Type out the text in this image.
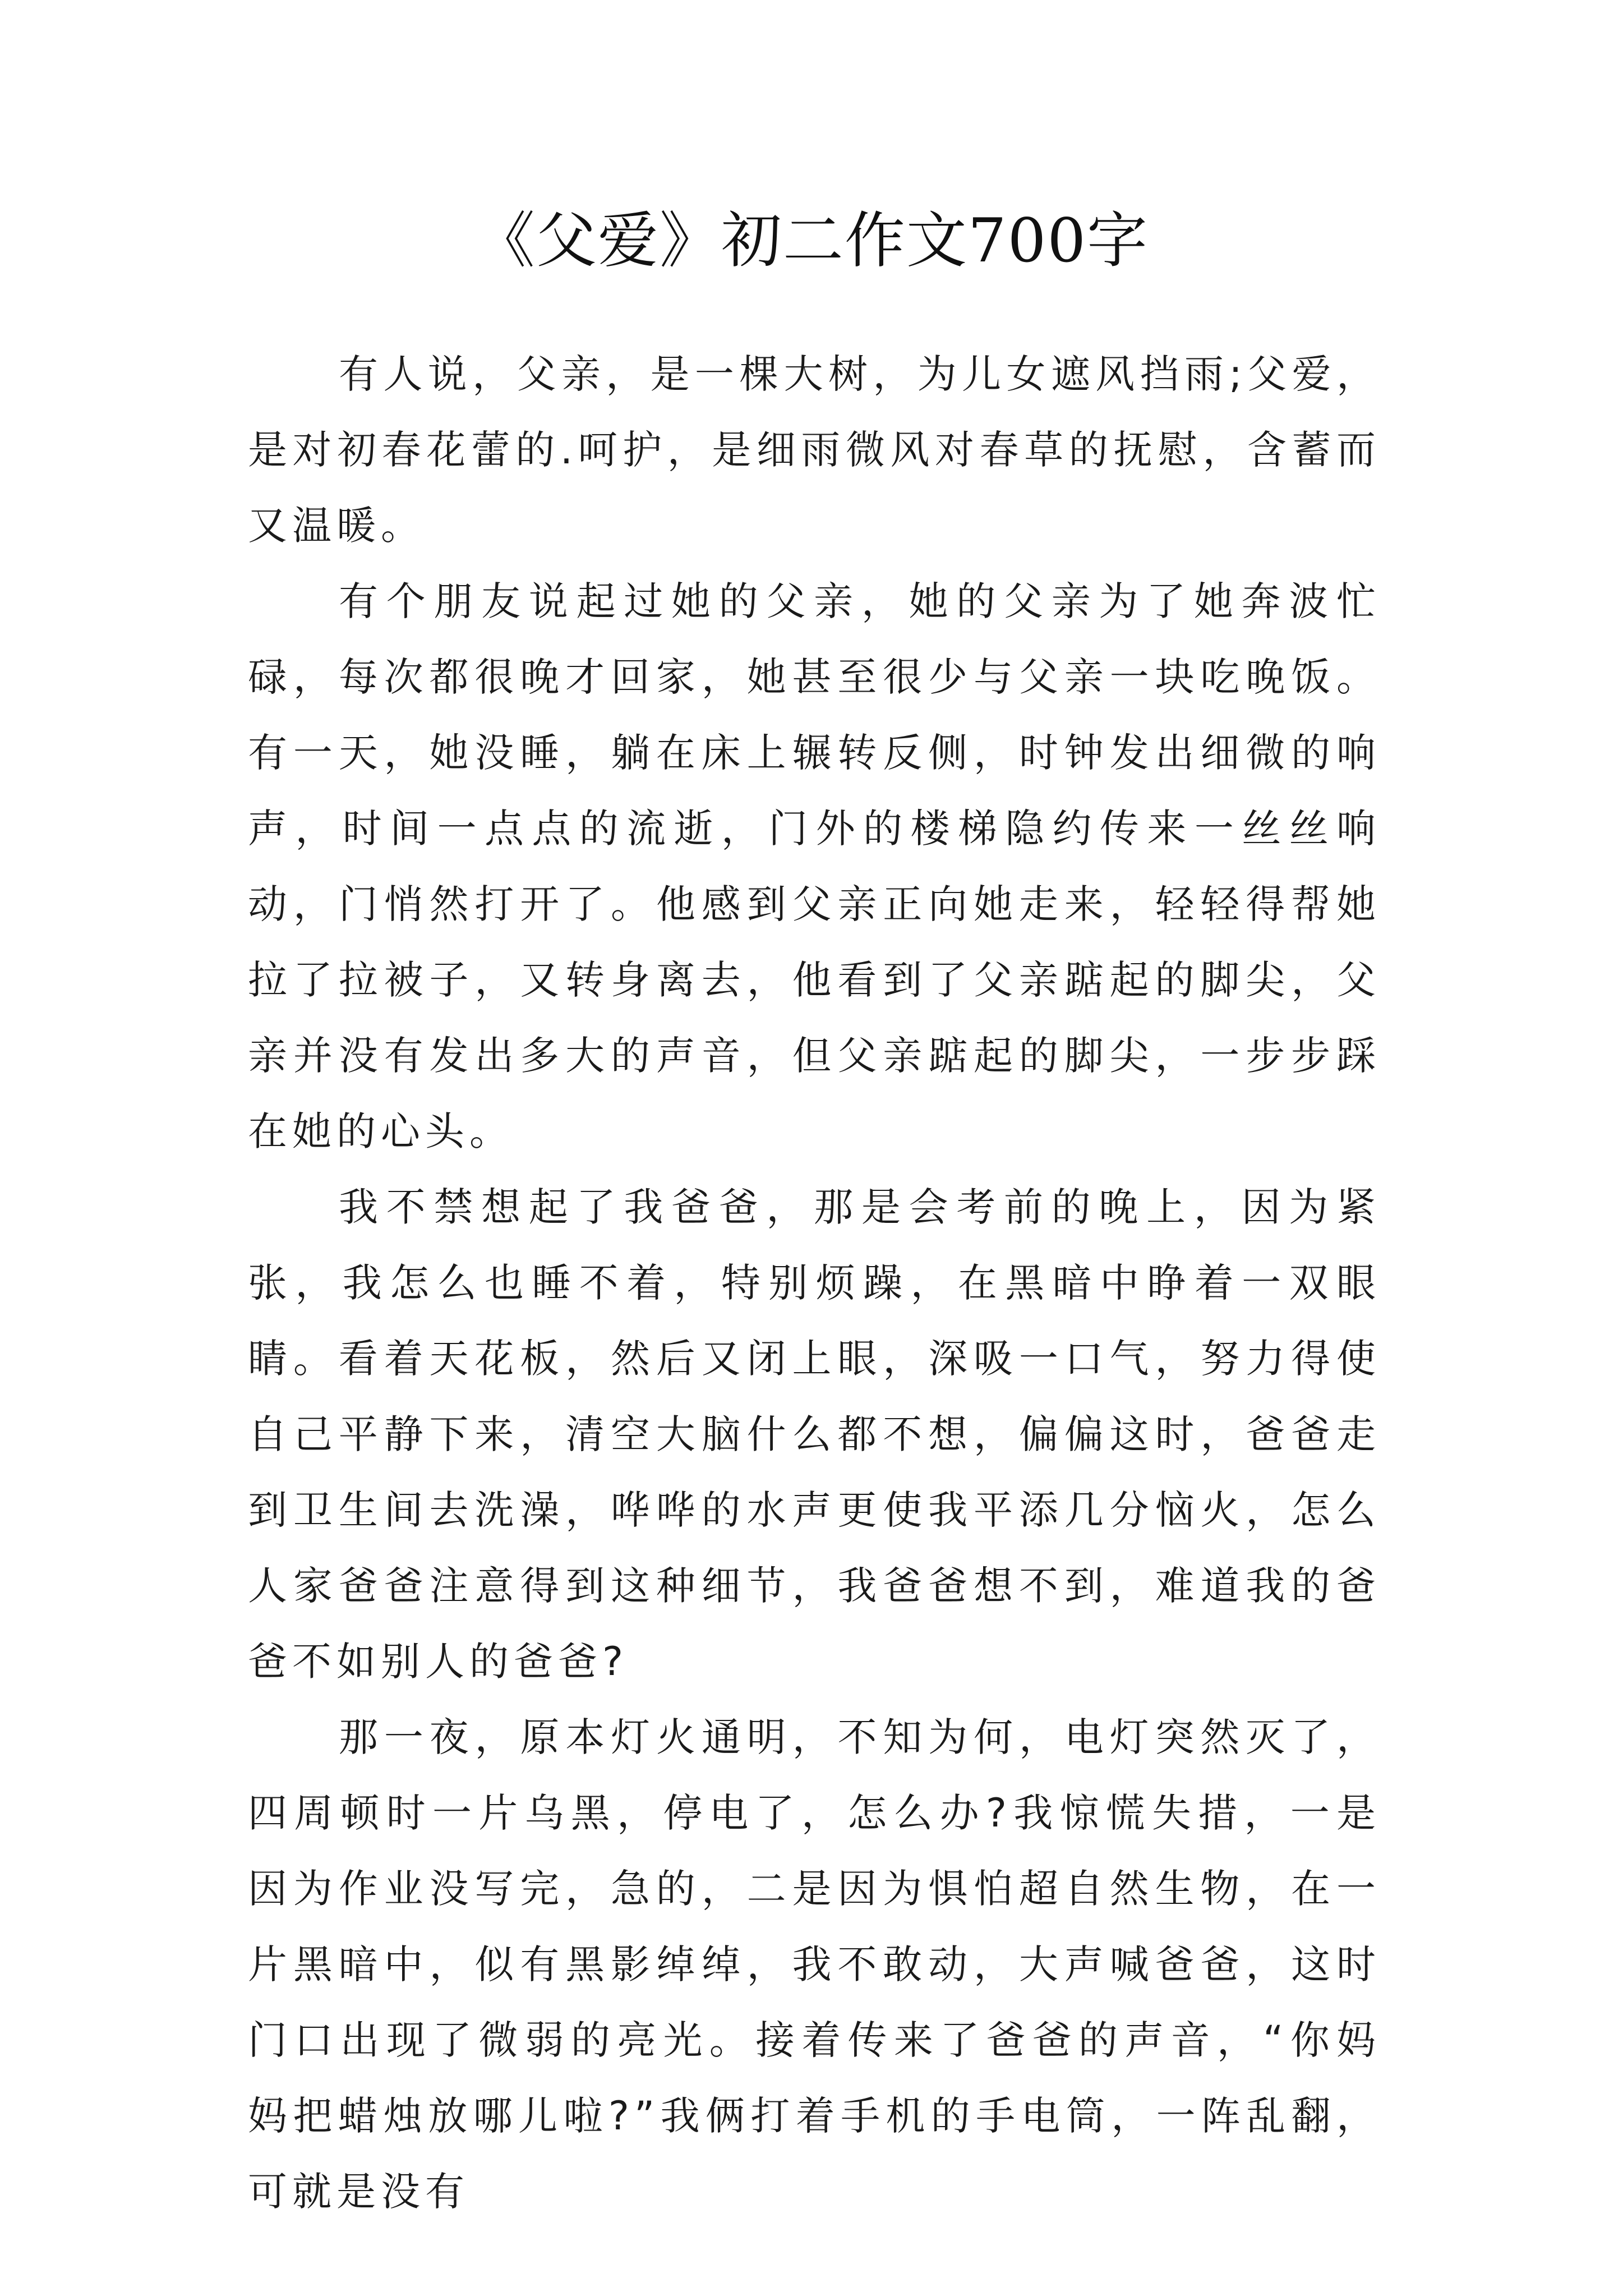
《父爱》初二作文700字

有人说，父亲，是一棵大树，为儿女遮风挡雨;父爱，是对初春花蕾的.呵护，是细雨微风对春草的抚慰，含蓄而又温暖。

有个朋友说起过她的父亲，她的父亲为了她奔波忙碌，每次都很晚才回家，她甚至很少与父亲一块吃晚饭。有一天，她没睡，躺在床上辗转反侧，时钟发出细微的响声，时间一点点的流逝，门外的楼梯隐约传来一丝丝响动，门悄然打开了。他感到父亲正向她走来，轻轻得帮她拉了拉被子，又转身离去，他看到了父亲踮起的脚尖，父亲并没有发出多大的声音，但父亲踮起的脚尖，一步步踩在她的心头。

我不禁想起了我爸爸，那是会考前的晚上，因为紧张，我怎么也睡不着，特别烦躁，在黑暗中睁着一双眼睛。看着天花板，然后又闭上眼，深吸一口气，努力得使自己平静下来，清空大脑什么都不想，偏偏这时，爸爸走到卫生间去洗澡，哗哗的水声更使我平添几分恼火，怎么人家爸爸注意得到这种细节，我爸爸想不到，难道我的爸爸不如别人的爸爸?

那一夜，原本灯火通明，不知为何，电灯突然灭了，四周顿时一片乌黑，停电了，怎么办?我惊慌失措，一是因为作业没写完，急的，二是因为惧怕超自然生物，在一片黑暗中，似有黑影绰绰，我不敢动，大声喊爸爸，这时门口出现了微弱的亮光。接着传来了爸爸的声音，“你妈妈把蜡烛放哪儿啦?”我俩打着手机的手电筒，一阵乱翻，可就是没有
